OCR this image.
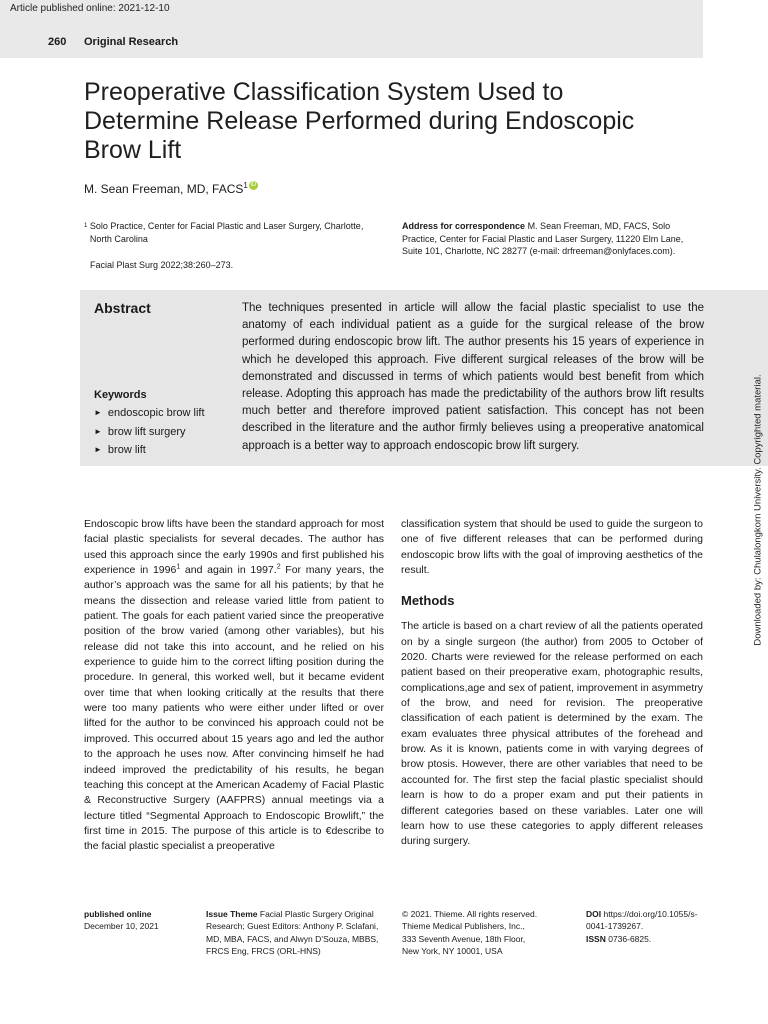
Article published online: 2021-12-10
260 Original Research
Preoperative Classification System Used to Determine Release Performed during Endoscopic Brow Lift
M. Sean Freeman, MD, FACS$^1$ iD
$^1$ Solo Practice, Center for Facial Plastic and Laser Surgery, Charlotte, North Carolina
Facial Plast Surg 2022;38:260–273.
Address for correspondence M. Sean Freeman, MD, FACS, Solo Practice, Center for Facial Plastic and Laser Surgery, 11220 Elm Lane, Suite 101, Charlotte, NC 28277 (e-mail: drfreeman@onlyfaces.com).
Abstract	The techniques presented in article will allow the facial plastic specialist to use the anatomy of each individual patient as a guide for the surgical release of the brow performed during endoscopic brow lift. The author presents his 15 years of experience in which he developed this approach. Five different surgical releases of the brow will be demonstrated and discussed in terms of which patients would best benefit from which release. Adopting this approach has made the predictability of the authors brow lift results much better and therefore improved patient satisfaction. This concept has not been described in the literature and the author firmly believes using a preoperative anatomical approach is a better way to approach endoscopic brow lift surgery.
Keywords
► endoscopic brow lift
► brow lift surgery
► brow lift

Endoscopic brow lifts have been the standard approach for most facial plastic specialists for several decades. The author has used this approach since the early 1990s and first published his experience in 1996$^1$ and again in 1997.$^2$ For many years, the author’s approach was the same for all his patients; by that he means the dissection and release varied little from patient to patient. The goals for each patient varied since the preoperative position of the brow varied (among other variables), but his release did not take this into account, and he relied on his experience to guide him to the correct lifting position during the procedure. In general, this worked well, but it became evident over time that when looking critically at the results that there were too many patients who were either under lifted or over lifted for the author to be convinced his approach could not be improved. This occurred about 15 years ago and led the author to the approach he uses now. After convincing himself he had indeed improved the predictability of his results, he began teaching this concept at the American Academy of Facial Plastic & Reconstructive Surgery (AAFPRS) annual meetings via a lecture titled “Segmental Approach to Endoscopic Browlift,” the first time in 2015. The purpose of this article is to €describe to the facial plastic specialist a preoperative

classification system that should be used to guide the surgeon to one of five different releases that can be performed during endoscopic brow lifts with the goal of improving aesthetics of the result.

Methods

The article is based on a chart review of all the patients operated on by a single surgeon (the author) from 2005 to October of 2020. Charts were reviewed for the release performed on each patient based on their preoperative exam, photographic results, complications,age and sex of patient, improvement in asymmetry of the brow, and need for revision. The preoperative classification of each patient is determined by the exam. The exam evaluates three physical attributes of the forehead and brow. As it is known, patients come in with varying degrees of brow ptosis. However, there are other variables that need to be accounted for. The first step the facial plastic specialist should learn is how to do a proper exam and put their patients in different categories based on these variables. Later one will learn how to use these categories to apply different releases during surgery.

Downloaded by: Chulalongkorn University. Copyrighted material.
published online
December 10, 2021
Issue Theme Facial Plastic Surgery Original Research; Guest Editors: Anthony P. Sclafani, MD, MBA, FACS, and Alwyn D’Souza, MBBS, FRCS Eng, FRCS (ORL-HNS)
© 2021. Thieme. All rights reserved.
Thieme Medical Publishers, Inc.,
333 Seventh Avenue, 18th Floor,
New York, NY 10001, USA
DOI https://doi.org/10.1055/s-0041-1739267.
ISSN 0736-6825.
